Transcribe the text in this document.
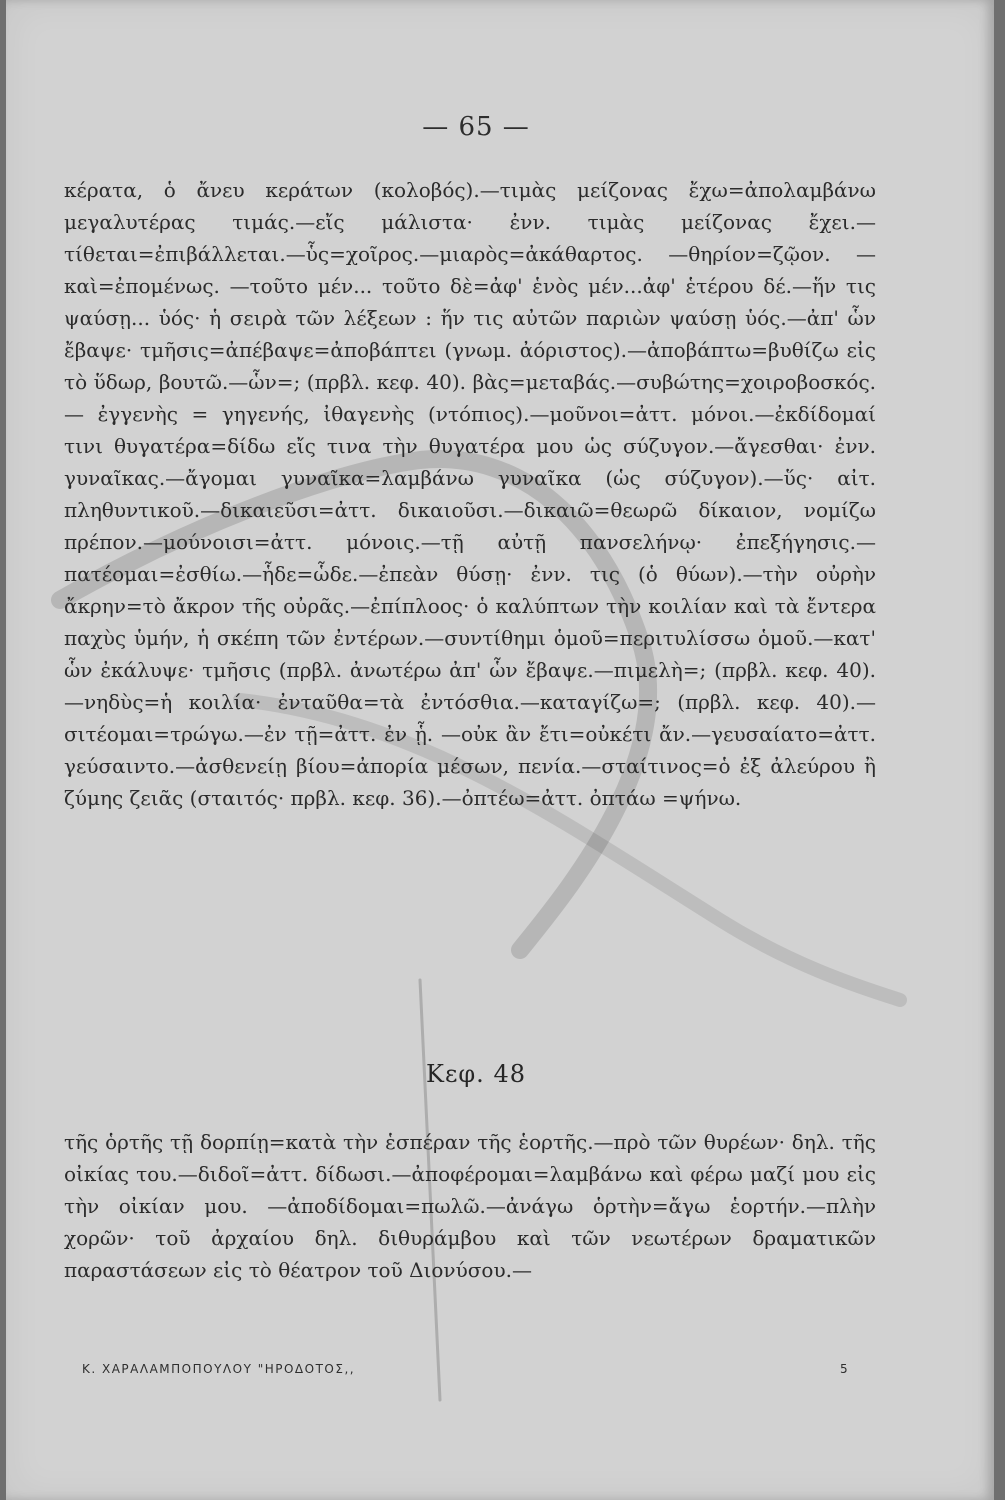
— 65 —

κέρατα, ὁ ἄνευ κεράτων (κολοβός).—τιμὰς μείζονας ἔχω=ἀπολαμβάνω μεγαλυτέρας τιμάς.—εἴς μάλιστα· ἐνν. τιμὰς μείζονας ἔχει.—τίθεται=ἐπιβάλλεται.—ὗς=χοῖρος.—μιαρὸς=ἀκάθαρτος. —θηρίον=ζῷον. —καὶ=ἐπομένως. —τοῦτο μέν... τοῦτο δὲ=ἀφ' ἑνὸς μέν...ἀφ' ἑτέρου δέ.—ἥν τις ψαύσῃ... ὑός· ἡ σειρὰ τῶν λέξεων : ἥν τις αὐτῶν παριὼν ψαύσῃ ὑός.—ἀπ' ὧν ἔβαψε· τμῆσις=ἀπέβαψε=ἀποβάπτει (γνωμ. ἀόριστος).—ἀποβάπτω=βυθίζω εἰς τὸ ὕδωρ, βουτῶ.—ὧν=; (πρβλ. κεφ. 40). βὰς=μεταβάς.—συβώτης=χοιροβοσκός.— ἐγγενὴς = γηγενής, ἰθαγενὴς (ντόπιος).—μοῦνοι=ἀττ. μόνοι.—ἐκδίδομαί τινι θυγατέρα=δίδω εἴς τινα τὴν θυγατέρα μου ὡς σύζυγον.—ἄγεσθαι· ἐνν. γυναῖκας.—ἄγομαι γυναῖκα=λαμβάνω γυναῖκα (ὡς σύζυγον).—ὕς· αἰτ. πληθυντικοῦ.—δικαιεῦσι=ἀττ. δικαιοῦσι.—δικαιῶ=θεωρῶ δίκαιον, νομίζω πρέπον.—μούνοισι=ἀττ. μόνοις.—τῇ αὐτῇ πανσελήνῳ· ἐπεξήγησις.—πατέομαι=ἐσθίω.—ἧδε=ὧδε.—ἐπεὰν θύσῃ· ἐνν. τις (ὁ θύων).—τὴν οὐρὴν ἄκρην=τὸ ἄκρον τῆς οὐρᾶς.—ἐπίπλοος· ὁ καλύπτων τὴν κοιλίαν καὶ τὰ ἔντερα παχὺς ὑμήν, ἡ σκέπη τῶν ἐντέρων.—συντίθημι ὁμοῦ=περιτυλίσσω ὁμοῦ.—κατ' ὧν ἐκάλυψε· τμῆσις (πρβλ. ἀνωτέρω ἀπ' ὧν ἔβαψε.—πιμελὴ=; (πρβλ. κεφ. 40).—νηδὺς=ἡ κοιλία· ἐνταῦθα=τὰ ἐντόσθια.—καταγίζω=; (πρβλ. κεφ. 40).—σιτέομαι=τρώγω.—ἐν τῇ=ἀττ. ἐν ᾗ. —οὐκ ἂν ἔτι=οὐκέτι ἄν.—γευσαίατο=ἀττ. γεύσαιντο.—ἀσθενείῃ βίου=ἀπορία μέσων, πενία.—σταίτινος=ὁ ἐξ ἀλεύρου ἢ ζύμης ζειᾶς (σταιτός· πρβλ. κεφ. 36).—ὀπτέω=ἀττ. ὀπτάω =ψήνω.

Κεφ. 48

τῆς ὁρτῆς τῇ δορπίῃ=κατὰ τὴν ἑσπέραν τῆς ἑορτῆς.—πρὸ τῶν θυρέων· δηλ. τῆς οἰκίας του.—διδοῖ=ἀττ. δίδωσι.—ἀποφέρομαι=λαμβάνω καὶ φέρω μαζί μου εἰς τὴν οἰκίαν μου. —ἀποδίδομαι=πωλῶ.—ἀνάγω ὁρτὴν=ἄγω ἑορτήν.—πλὴν χορῶν· τοῦ ἀρχαίου δηλ. διθυράμβου καὶ τῶν νεωτέρων δραματικῶν παραστάσεων εἰς τὸ θέατρον τοῦ Διονύσου.—

Κ. ΧΑΡΑΛΑΜΠΟΠΟΥΛΟΥ "ΗΡΟΔΟΤΟΣ,,	5
